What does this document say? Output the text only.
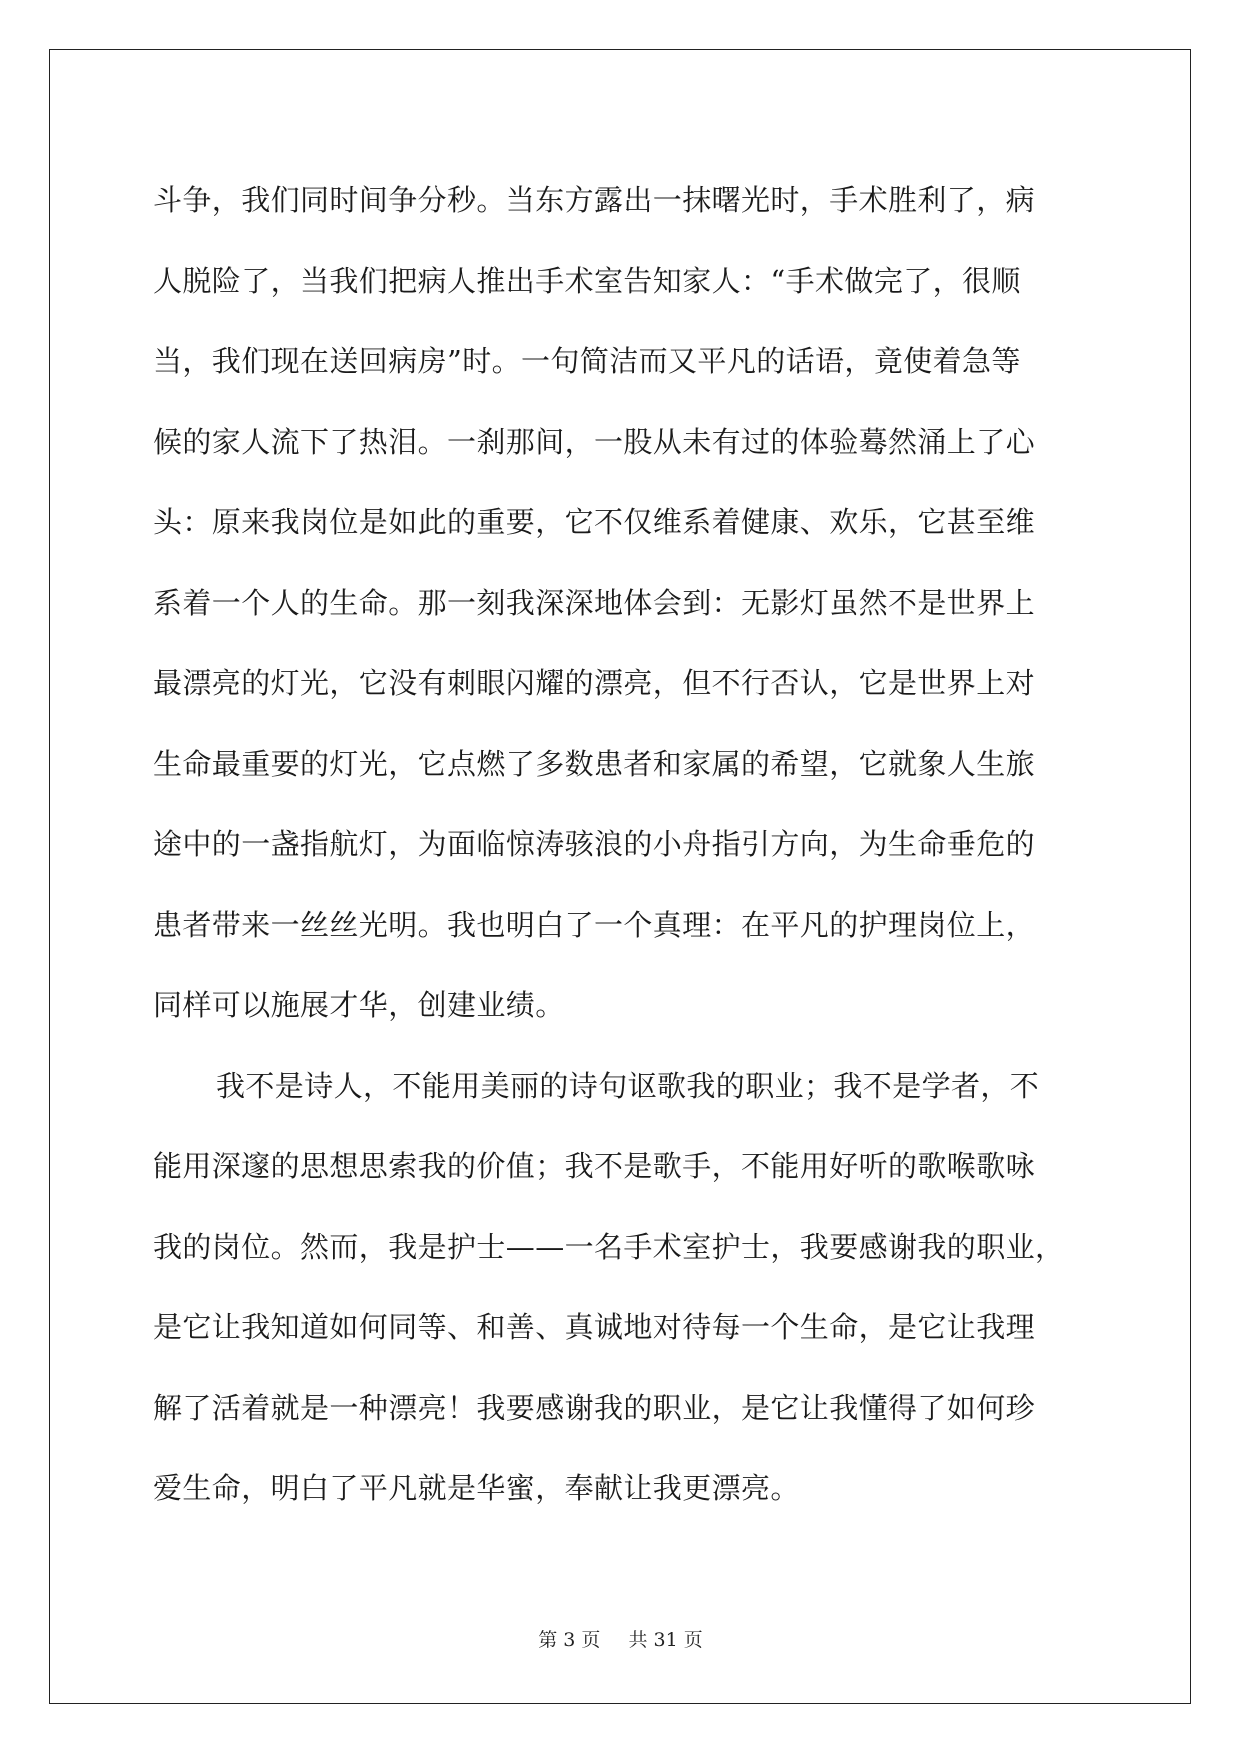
斗争，我们同时间争分秒。当东方露出一抹曙光时，手术胜利了，病
人脱险了，当我们把病人推出手术室告知家人：“手术做完了，很顺
当，我们现在送回病房”时。一句简洁而又平凡的话语，竟使着急等
候的家人流下了热泪。一刹那间，一股从未有过的体验蓦然涌上了心
头：原来我岗位是如此的重要，它不仅维系着健康、欢乐，它甚至维
系着一个人的生命。那一刻我深深地体会到：无影灯虽然不是世界上
最漂亮的灯光，它没有刺眼闪耀的漂亮，但不行否认，它是世界上对
生命最重要的灯光，它点燃了多数患者和家属的希望，它就象人生旅
途中的一盏指航灯，为面临惊涛骇浪的小舟指引方向，为生命垂危的
患者带来一丝丝光明。我也明白了一个真理：在平凡的护理岗位上，
同样可以施展才华，创建业绩。

我不是诗人，不能用美丽的诗句讴歌我的职业；我不是学者，不
能用深邃的思想思索我的价值；我不是歌手，不能用好听的歌喉歌咏
我的岗位。然而，我是护士——一名手术室护士，我要感谢我的职业，
是它让我知道如何同等、和善、真诚地对待每一个生命，是它让我理
解了活着就是一种漂亮！我要感谢我的职业，是它让我懂得了如何珍
爱生命，明白了平凡就是华蜜，奉献让我更漂亮。

第 3 页 共 31 页
